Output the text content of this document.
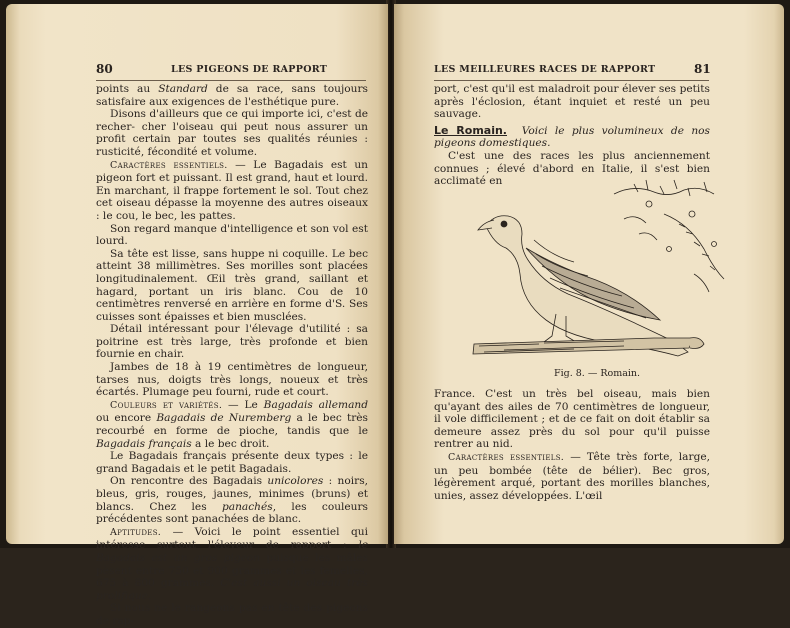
80	LES PIGEONS DE RAPPORT

points au Standard de sa race, sans toujours satisfaire aux exigences de l'esthétique pure.

Disons d'ailleurs que ce qui importe ici, c'est de recher- cher l'oiseau qui peut nous assurer un profit certain par toutes ses qualités réunies : rusticité, fécondité et volume.

Caractères essentiels. — Le Bagadais est un pigeon fort et puissant. Il est grand, haut et lourd. En marchant, il frappe fortement le sol. Tout chez cet oiseau dépasse la moyenne des autres oiseaux : le cou, le bec, les pattes.

Son regard manque d'intelligence et son vol est lourd.

Sa tête est lisse, sans huppe ni coquille. Le bec atteint 38 millimètres. Ses morilles sont placées longitudinalement. Œil très grand, saillant et hagard, portant un iris blanc. Cou de 10 centimètres renversé en arrière en forme d'S. Ses cuisses sont épaisses et bien musclées.

Détail intéressant pour l'élevage d'utilité : sa poitrine est très large, très profonde et bien fournie en chair.

Jambes de 18 à 19 centimètres de longueur, tarses nus, doigts très longs, noueux et très écartés. Plumage peu fourni, rude et court.

Couleurs et variétés. — Le Bagadais allemand ou encore Bagadais de Nuremberg a le bec très recourbé en forme de pioche, tandis que le Bagadais français a le bec droit.

Le Bagadais français présente deux types : le grand Bagadais et le petit Bagadais.

On rencontre des Bagadais unicolores : noirs, bleus, gris, rouges, jaunes, minimes (bruns) et blancs. Chez les panachés, les couleurs précédentes sont panachées de blanc.

Aptitudes. — Voici le point essentiel qui intéresse surtout l'éleveur de rapport : le Bagadais est un gros pigeon puisque les mâles pèsent entre 750 et 900 grammes et les femelles, 675 à 800 grammes. C'est aussi un oiseau très prolifique.

Si nous ne le rangeons pas en tête des pigeons de rap-

LES MEILLEURES RACES DE RAPPORT	81

port, c'est qu'il est maladroit pour élever ses petits après l'éclosion, étant inquiet et resté un peu sauvage.

Le Romain. Voici le plus volumineux de nos pigeons domestiques.

C'est une des races les plus anciennement connues ; élevé d'abord en Italie, il s'est bien acclimaté en

Fig. 8. — Romain.

France. C'est un très bel oiseau, mais bien qu'ayant des ailes de 70 centimètres de longueur, il vole difficilement ; et de ce fait on doit établir sa demeure assez près du sol pour qu'il puisse rentrer au nid.

Caractères essentiels. — Tête très forte, large, un peu bombée (tête de bélier). Bec gros, légèrement arqué, portant des morilles blanches, unies, assez développées. L'œil
